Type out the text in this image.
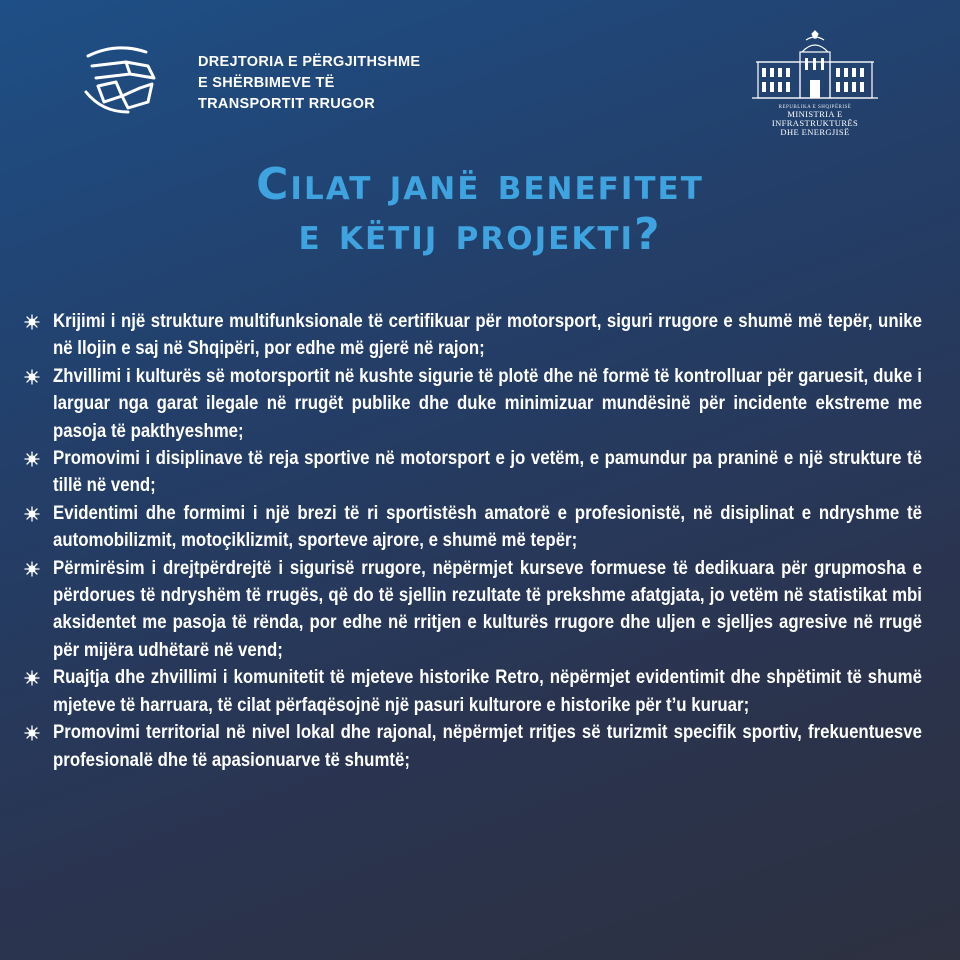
DREJTORIA E PËRGJITHSHME
E SHËRBIMEVE TË
TRANSPORTIT RRUGOR	REPUBLIKA E SHQIPËRISË
MINISTRIA E INFRASTRUKTURËS
DHE ENERGJISË
Cilat janë benefitet
e këtij projekti?
Krijimi i një strukture multifunksionale të certifikuar për motorsport, siguri rrugore e shumë më tepër, unike në llojin e saj në Shqipëri, por edhe më gjerë në rajon;
Zhvillimi i kulturës së motorsportit në kushte sigurie të plotë dhe në formë të kontrolluar për garuesit, duke i larguar nga garat ilegale në rrugët publike dhe duke minimizuar mundësinë për incidente ekstreme me pasoja të pakthyeshme;
Promovimi i disiplinave të reja sportive në motorsport e jo vetëm, e pamundur pa praninë e një strukture të tillë në vend;
Evidentimi dhe formimi i një brezi të ri sportistësh amatorë e profesionistë, në disiplinat e ndryshme të automobilizmit, motoçiklizmit, sporteve ajrore, e shumë më tepër;
Përmirësim i drejtpërdrejtë i sigurisë rrugore, nëpërmjet kurseve formuese të dedikuara për grupmosha e përdorues të ndryshëm të rrugës, që do të sjellin rezultate të prekshme afatgjata, jo vetëm në statistikat mbi aksidentet me pasoja të rënda, por edhe në rritjen e kulturës rrugore dhe uljen e sjelljes agresive në rrugë për mijëra udhëtarë në vend;
Ruajtja dhe zhvillimi i komunitetit të mjeteve historike Retro, nëpërmjet evidentimit dhe shpëtimit të shumë mjeteve të harruara, të cilat përfaqësojnë një pasuri kulturore e historike për t’u kuruar;
Promovimi territorial në nivel lokal dhe rajonal, nëpërmjet rritjes së turizmit specifik sportiv, frekuentuesve profesionalë dhe të apasionuarve të shumtë;
